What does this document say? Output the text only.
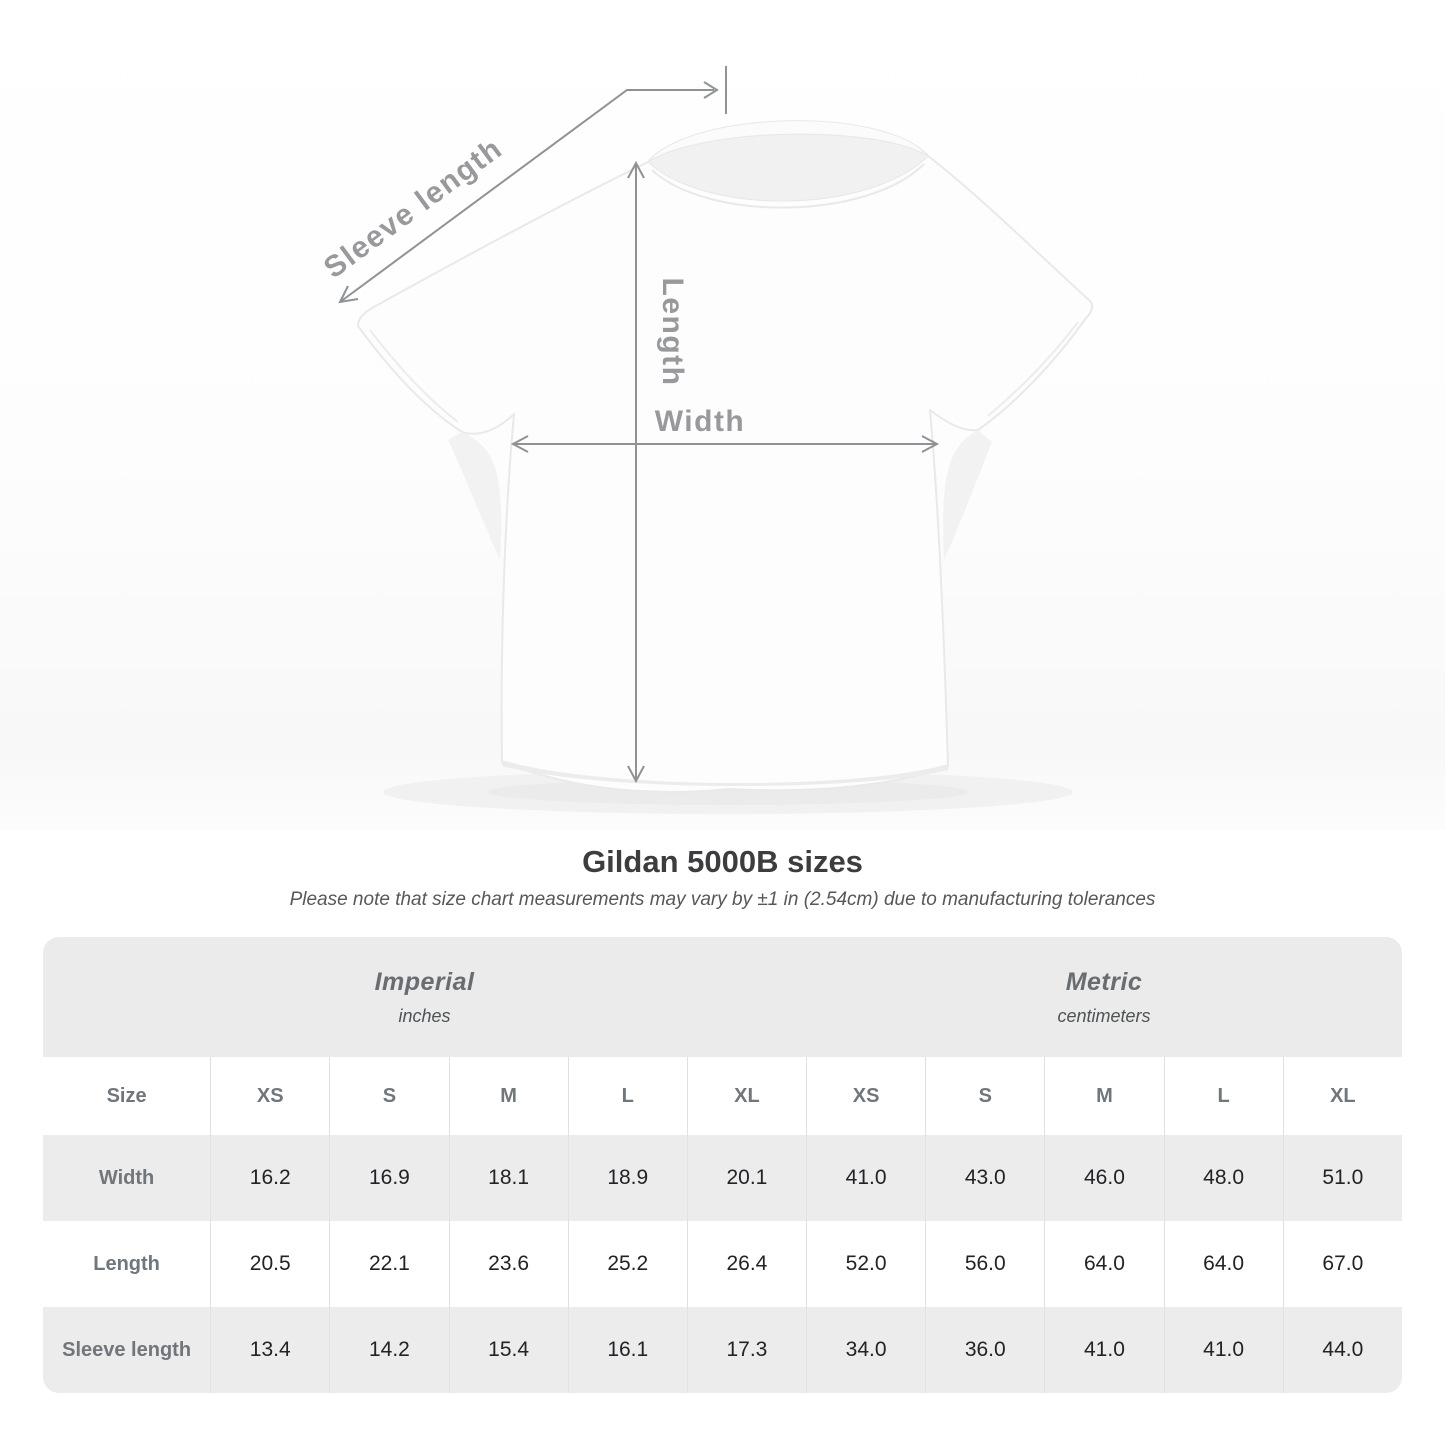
Sleeve length
Length
Width
Gildan 5000B sizes

Please note that size chart measurements may vary by ±1 in (2.54cm) due to manufacturing tolerances

Imperial
inches

Metric
centimeters

Size	XS	S	M	L	XL	XS	S	M	L	XL
Width	16.2	16.9	18.1	18.9	20.1	41.0	43.0	46.0	48.0	51.0
Length	20.5	22.1	23.6	25.2	26.4	52.0	56.0	64.0	64.0	67.0
Sleeve length	13.4	14.2	15.4	16.1	17.3	34.0	36.0	41.0	41.0	44.0
